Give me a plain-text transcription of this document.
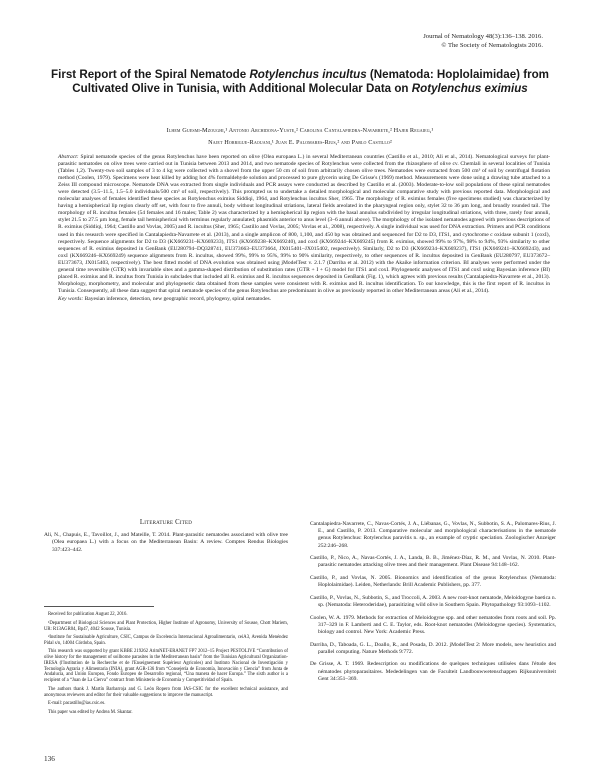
Journal of Nematology 48(3):136–138. 2016.
© The Society of Nematologists 2016.
First Report of the Spiral Nematode Rotylenchus incultus (Nematoda: Hoplolaimidae) from Cultivated Olive in Tunisia, with Additional Molecular Data on Rotylenchus eximius
Ilhem Guesmi-Mzoughi,¹ Antonio Archidona-Yuste,² Carolina Cantalapiedra-Navarrete,² Hajer Regaieg,¹
Najet Horrigue-Raouani,¹ Juan E. Palomares-Rius,² and Pablo Castillo²
Abstract: Spiral nematode species of the genus Rotylenchus have been reported on olive (Olea europaea L.) in several Mediterranean countries (Castillo et al., 2010; Ali et al., 2014). Nematological surveys for plant-parasitic nematodes on olive trees were carried out in Tunisia between 2013 and 2014, and two nematode species of Rotylenchus were collected from the rhizosphere of olive cv. Chemlali in several localities of Tunisia (Tables 1,2). Twenty-two soil samples of 3 to 4 kg were collected with a shovel from the upper 50 cm of soil from arbitrarily chosen olive trees. Nematodes were extracted from 500 cm³ of soil by centrifugal flotation method (Coolen, 1979). Specimens were heat killed by adding hot 4% formaldehyde solution and processed to pure glycerin using De Grisse's (1969) method. Measurements were done using a drawing tube attached to a Zeiss III compound microscope. Nematode DNA was extracted from single individuals and PCR assays were conducted as described by Castillo et al. (2003). Moderate-to-low soil populations of these spiral nematodes were detected (3.5–11.5, 1.5–5.0 individuals/500 cm³ of soil, respectively). This prompted us to undertake a detailed morphological and molecular comparative study with previous reported data. Morphological and molecular analyses of females identified these species as Rotylenchus eximius Siddiqi, 1964, and Rotylenchus incultus Sher, 1965. The morphology of R. eximius females (five specimens studied) was characterized by having a hemispherical lip region clearly off set, with four to five annuli, body without longitudinal striations, lateral fields areolated in the pharyngeal region only, stylet 32 to 36 µm long, and broadly rounded tail. The morphology of R. incultus females (54 females and 16 males; Table 2) was characterized by a hemispherical lip region with the basal annulus subdivided by irregular longitudinal striations, with three, rarely four annuli, stylet 21.5 to 27.5 µm long, female tail hemispherical with terminus regularly annulated; phasmids anterior to anus level (3–6 annuli above). The morphology of the isolated nematodes agreed with previous descriptions of R. eximius (Siddiqi, 1964; Castillo and Vovlas, 2005) and R. incultus (Sher, 1965; Castillo and Vovlas, 2005; Vovlas et al., 2008), respectively. A single individual was used for DNA extraction. Primers and PCR conditions used in this research were specified in Cantalapiedra-Navarrete et al. (2013), and a single amplicon of 800, 1,100, and 450 bp was obtained and sequenced for D2 to D3, ITS1, and cytochrome c oxidase subunit 1 (coxI), respectively. Sequence alignments for D2 to D3 (KX669231–KX669233), ITS1 (KX669238–KX669240), and coxI (KX669244–KX669245) from R. eximius, showed 99% to 97%, 98% to 94%, 93% similarity to other sequences of R. eximius deposited in GenBank (EU280794–DQ328741, EU373663–EU373664, JX015401–JX015402, respectively). Similarly, D2 to D3 (KX669234–KX669237), ITS1 (KX669241–KX669243), and coxI (KX669246–KX669249) sequence alignments from R. incultus, showed 99%, 99% to 95%, 99% to 90% similarity, respectively, to other sequences of R. incultus deposited in GenBank (EU280797, EU373672–EU373673, JX015403, respectively). The best fitted model of DNA evolution was obtained using jModelTest v. 2.1.7 (Darriba et al. 2012) with the Akaike information criterion. BI analyses were performed under the general time reversible (GTR) with invariable sites and a gamma-shaped distribution of substitution rates (GTR + I + G) model for ITS1 and coxI. Phylogenetic analyses of ITS1 and coxI using Bayesian inference (BI) placed R. eximius and R. incultus from Tunisia in subclades that included all R. eximius and R. incultus sequences deposited in GenBank (Fig. 1), which agrees with previous results (Cantalapiedra-Navarrete et al., 2013). Morphology, morphometry, and molecular and phylogenetic data obtained from these samples were consistent with R. eximius and R. incultus identification. To our knowledge, this is the first report of R. incultus in Tunisia. Consequently, all these data suggest that spiral nematode species of the genus Rotylenchus are predominant in olive as previously reported in other Mediterranean areas (Ali et al., 2014).
Key words: Bayesian inference, detection, new geographic record, phylogeny, spiral nematodes.
Literature Cited
Ali, N., Chapuis, E., Tavoillot, J., and Mateille, T. 2014. Plant-parasitic nematodes associated with olive tree (Olea europaea L.) with a focus on the Mediterranean Basin: A review. Comptes Rendus Biologies 337:423–442.

Received for publication August 22, 2016.

¹Department of Biological Sciences and Plant Protection, Higher Institute of Agronomy, University of Sousse, Chott Mariem, UR: R13AGR04, Bp47, 4042 Sousse, Tunisia.

²Institute for Sustainable Agriculture, CSIC, Campus de Excelencia Internacional Agroalimentario, ceiA3, Avenida Menéndez Pidal s/n, 14004 Córdoba, Spain.

This research was supported by grant KBBE 219262 ArimNET-ERANET FP7 2012–15 Project PESTOLIVE “Contribution of olive history for the management of soilborne parasites in the Mediterranean basin” from the Tunisian Agricultural Organization-IRESA (l'Institution de la Recherche et de l'Enseignement Supérieur Agricoles) and Instituto Nacional de Investigación y Tecnología Agraria y Alimentaria (INIA), grant AGR-136 from “Consejería de Economía, Innovación y Ciencia” from Junta de Andalucía, and Unión Europea, Fondo Europeo de Desarrollo regional, “Una manera de hacer Europa.” The sixth author is a recipient of a “Juan de La Cierva” contract from Ministerio de Economía y Competitividad of Spain.

The authors thank J. Martín Barbarroja and G. León Ropero from IAS-CSIC for the excellent technical assistance, and anonymous reviewers and editor for their valuable suggestions to improve the manuscript.

E-mail: pacastillo@ias.csic.es.

This paper was edited by Andrea M. Skantar.

Cantalapiedra-Navarrete, C., Navas-Cortés, J. A., Liébanas, G., Vovlas, N., Subbotin, S. A., Palomares-Rius, J. E., and Castillo, P. 2013. Comparative molecular and morphological characterisations in the nematode genus Rotylenchus: Rotylenchus paravitis n. sp., an example of cryptic speciation. Zoologischer Anzeiger 252:246–268.
Castillo, P., Nico, A., Navas-Cortés, J. A., Landa, B. B., Jiménez-Díaz, R. M., and Vovlas, N. 2010. Plant-parasitic nematodes attacking olive trees and their management. Plant Disease 94:148–162.
Castillo, P., and Vovlas, N. 2005. Bionomics and identification of the genus Rotylenchus (Nematoda: Hoplolaimidae). Leiden, Netherlands: Brill Academic Publishers, pp. 377.
Castillo, P., Vovlas, N., Subbotin, S., and Troccoli, A. 2003. A new root-knot nematode, Meloidogyne baetica n. sp. (Nematoda: Heteroderidae), parasitizing wild olive in Southern Spain. Phytopathology 93:1093–1102.
Coolen, W. A. 1979. Methods for extraction of Meloidogyne spp. and other nematodes from roots and soil. Pp. 317–329 in F. Lamberti and C. E. Taylor, eds. Root-knot nematodes (Meloidogyne species). Systematics, biology and control. New York: Academic Press.
Darriba, D., Taboada, G. L., Doallo, R., and Posada, D. 2012. jModelTest 2: More models, new heuristics and parallel computing. Nature Methods 9:772.
De Grisse, A. T. 1969. Redescription ou modifications de quelques techniques utilisées dans l'étude des nématodes phytoparasitaires. Mededelingen van de Faculteit Landbouwwetenschappen Rijksuniversiteit Gent 34:351–369.
136
